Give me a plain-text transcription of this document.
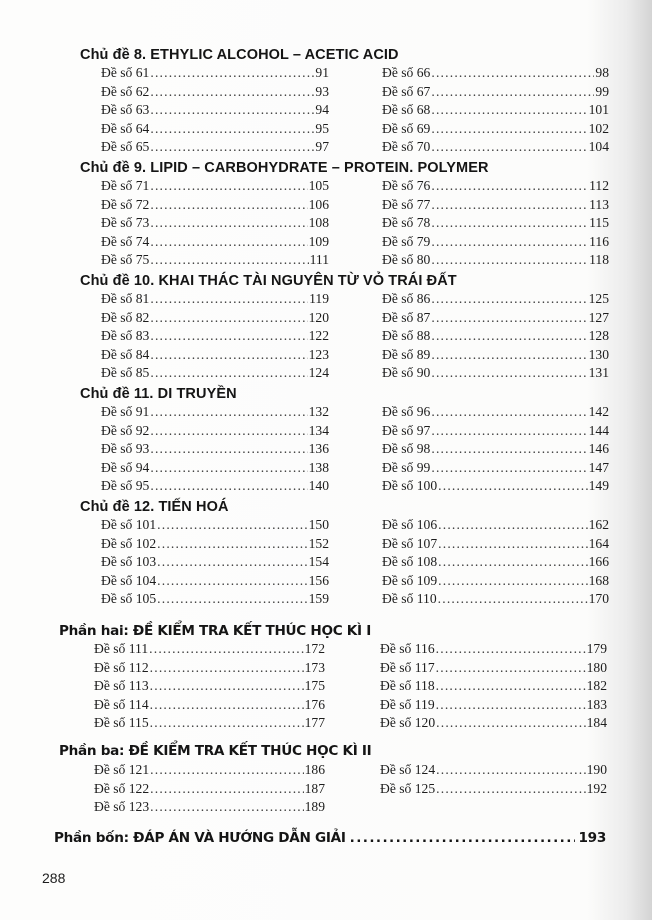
Chủ đề 8. ETHYLIC ALCOHOL – ACETIC ACID
Đề số 61 .....	91
Đề số 62 .....	93
Đề số 63 .....	94
Đề số 64 .....	95
Đề số 65 .....	97
Đề số 66 .....	98
Đề số 67 .....	99
Đề số 68 .....	101
Đề số 69 .....	102
Đề số 70 .....	104
Chủ đề 9. LIPID – CARBOHYDRATE – PROTEIN. POLYMER
Đề số 71 .....	105
Đề số 72 .....	106
Đề số 73 .....	108
Đề số 74 .....	109
Đề số 75 .....	111
Đề số 76 .....	112
Đề số 77 .....	113
Đề số 78 .....	115
Đề số 79 .....	116
Đề số 80 .....	118
Chủ đề 10. KHAI THÁC TÀI NGUYÊN TỪ VỎ TRÁI ĐẤT
Đề số 81 .....	119
Đề số 82 .....	120
Đề số 83 .....	122
Đề số 84 .....	123
Đề số 85 .....	124
Đề số 86 .....	125
Đề số 87 .....	127
Đề số 88 .....	128
Đề số 89 .....	130
Đề số 90 .....	131
Chủ đề 11. DI TRUYỀN
Đề số 91 .....	132
Đề số 92 .....	134
Đề số 93 .....	136
Đề số 94 .....	138
Đề số 95 .....	140
Đề số 96 .....	142
Đề số 97 .....	144
Đề số 98 .....	146
Đề số 99 .....	147
Đề số 100 .....	149
Chủ đề 12. TIẾN HOÁ
Đề số 101 .....	150
Đề số 102 .....	152
Đề số 103 .....	154
Đề số 104 .....	156
Đề số 105 .....	159
Đề số 106 .....	162
Đề số 107 .....	164
Đề số 108 .....	166
Đề số 109 .....	168
Đề số 110 .....	170
Phần hai: ĐỀ KIỂM TRA KẾT THÚC HỌC KÌ I
Đề số 111 .....	172
Đề số 112 .....	173
Đề số 113 .....	175
Đề số 114 .....	176
Đề số 115 .....	177
Đề số 116 .....	179
Đề số 117 .....	180
Đề số 118 .....	182
Đề số 119 .....	183
Đề số 120 .....	184
Phần ba: ĐỀ KIỂM TRA KẾT THÚC HỌC KÌ II
Đề số 121 .....	186
Đề số 122 .....	187
Đề số 123 .....	189
Đề số 124 .....	190
Đề số 125 .....	192
Phần bốn: ĐÁP ÁN VÀ HƯỚNG DẪN GIẢI .....	193
288
